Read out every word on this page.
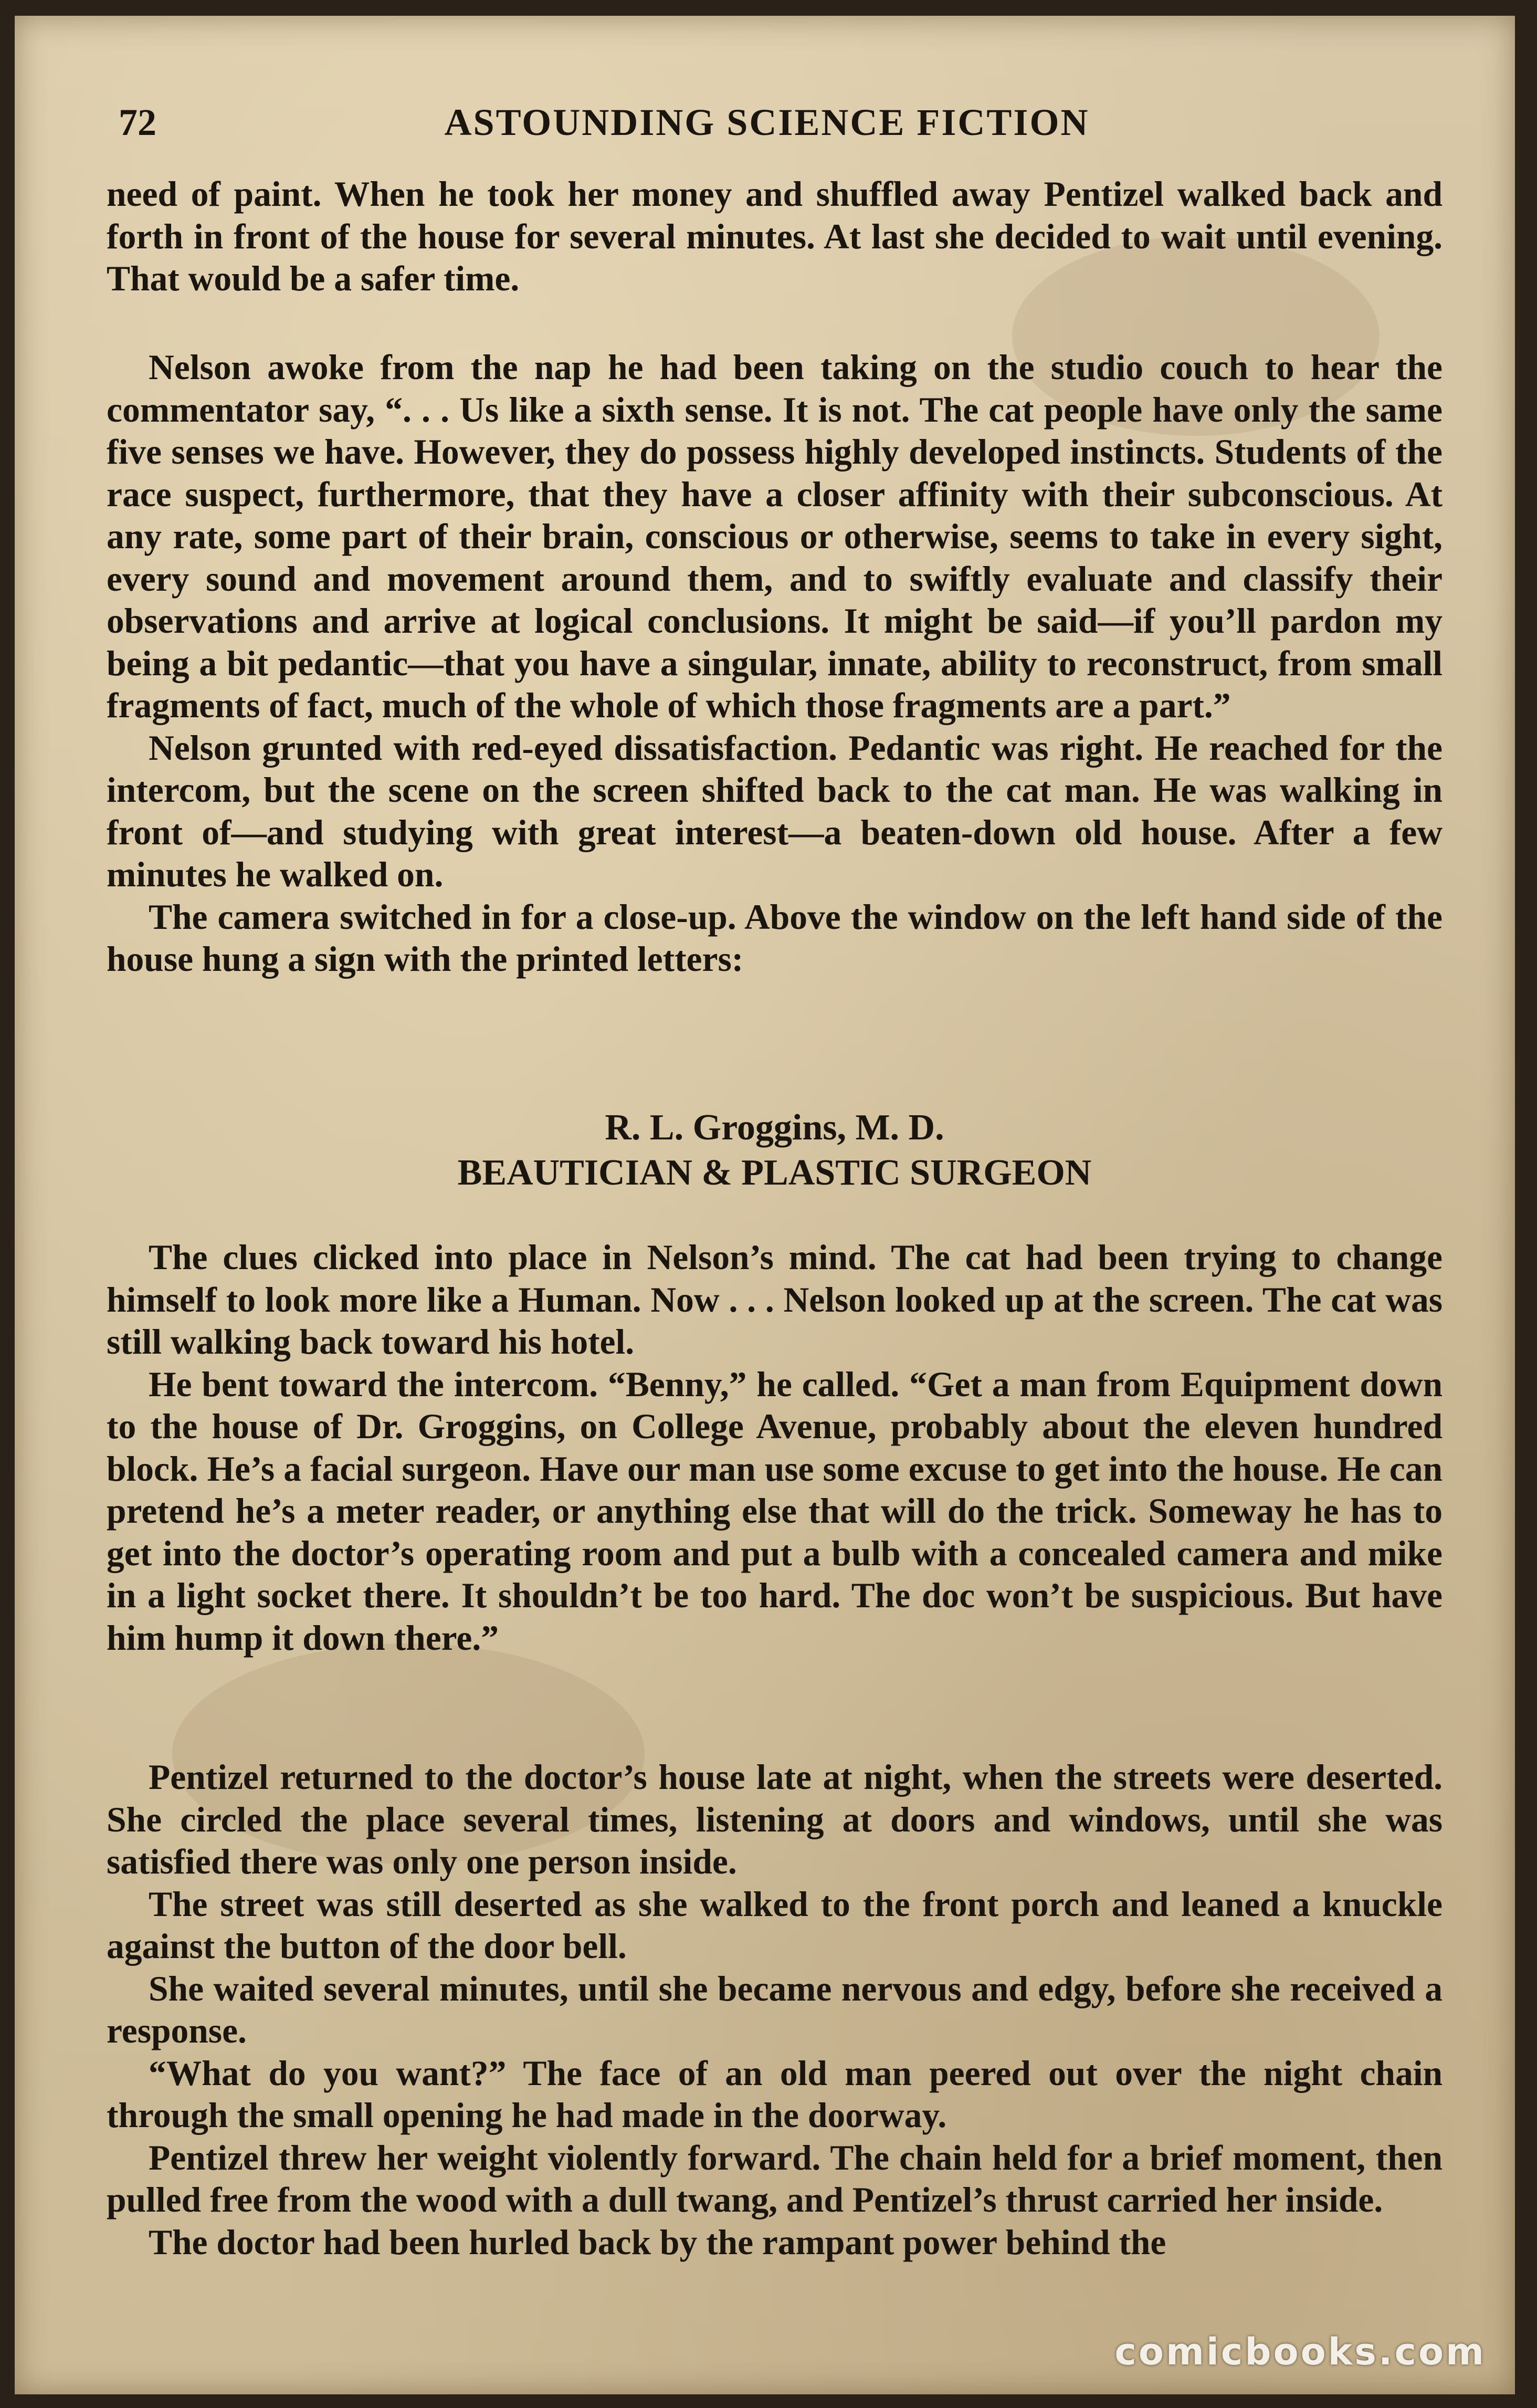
72	ASTOUNDING SCIENCE FICTION

need of paint. When he took her money and shuffled away Pentizel walked back and forth in front of the house for several minutes. At last she decided to wait until evening. That would be a safer time.

Nelson awoke from the nap he had been taking on the studio couch to hear the commentator say, “. . . Us like a sixth sense. It is not. The cat people have only the same five senses we have. However, they do possess highly developed instincts. Students of the race suspect, furthermore, that they have a closer affinity with their subconscious. At any rate, some part of their brain, conscious or otherwise, seems to take in every sight, every sound and movement around them, and to swiftly evaluate and classify their observations and arrive at logical conclusions. It might be said—if you’ll pardon my being a bit pedantic—that you have a singular, innate, ability to reconstruct, from small fragments of fact, much of the whole of which those fragments are a part.”

Nelson grunted with red-eyed dissatisfaction. Pedantic was right. He reached for the intercom, but the scene on the screen shifted back to the cat man. He was walking in front of—and studying with great interest—a beaten-down old house. After a few minutes he walked on.

The camera switched in for a close-up. Above the window on the left hand side of the house hung a sign with the printed letters:

R. L. Groggins, M. D.
BEAUTICIAN & PLASTIC SURGEON

The clues clicked into place in Nelson’s mind. The cat had been trying to change himself to look more like a Human. Now . . . Nelson looked up at the screen. The cat was still walking back toward his hotel.

He bent toward the intercom. “Benny,” he called. “Get a man from Equipment down to the house of Dr. Groggins, on College Avenue, probably about the eleven hundred block. He’s a facial surgeon. Have our man use some excuse to get into the house. He can pretend he’s a meter reader, or anything else that will do the trick. Someway he has to get into the doctor’s operating room and put a bulb with a concealed camera and mike in a light socket there. It shouldn’t be too hard. The doc won’t be suspicious. But have him hump it down there.”

Pentizel returned to the doctor’s house late at night, when the streets were deserted. She circled the place several times, listening at doors and windows, until she was satisfied there was only one person inside.

The street was still deserted as she walked to the front porch and leaned a knuckle against the button of the door bell.

She waited several minutes, until she became nervous and edgy, before she received a response.

“What do you want?” The face of an old man peered out over the night chain through the small opening he had made in the doorway.

Pentizel threw her weight violently forward. The chain held for a brief moment, then pulled free from the wood with a dull twang, and Pentizel’s thrust carried her inside.

The doctor had been hurled back by the rampant power behind the

comicbooks.com
